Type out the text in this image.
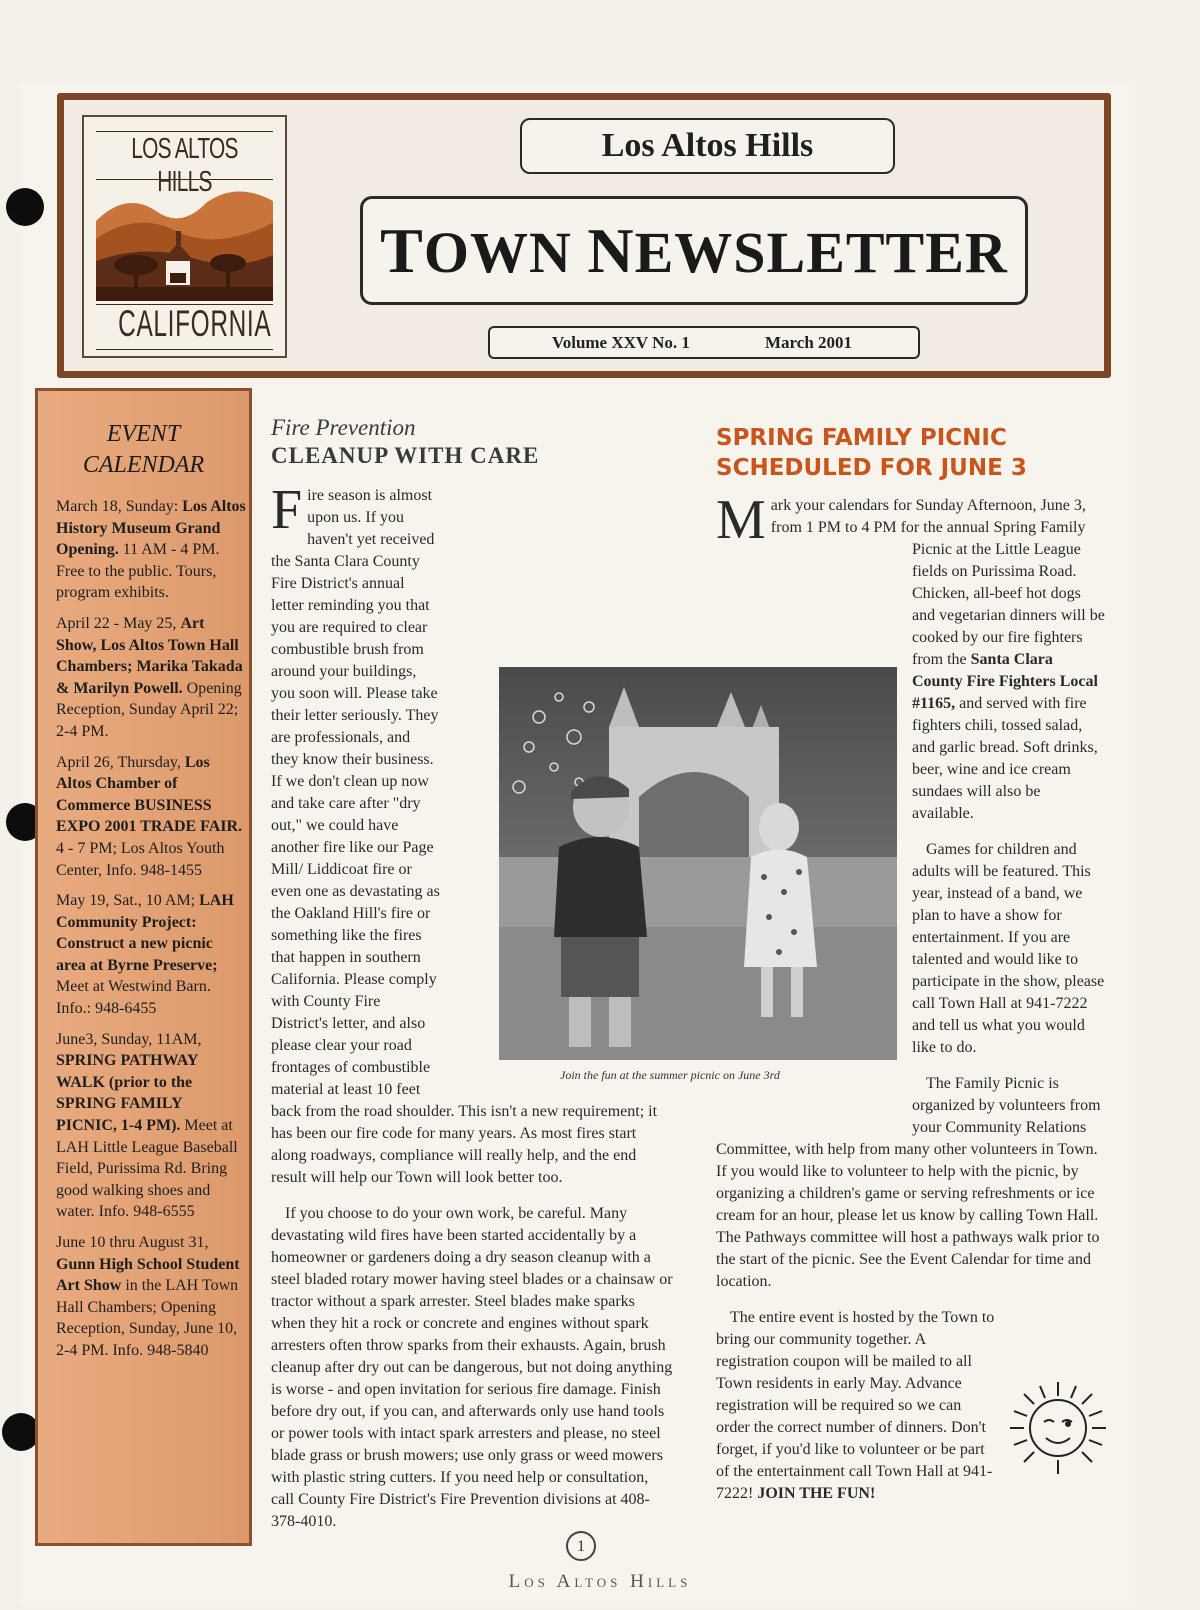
LOS ALTOS HILLS
CALIFORNIA
Los Altos Hills
TOWN NEWSLETTER
Volume XXV No. 1	March 2001
EVENT
CALENDAR
March 18, Sunday: Los Altos History Museum Grand Opening. 11 AM - 4 PM. Free to the public. Tours, program exhibits.
April 22 - May 25, Art Show, Los Altos Town Hall Chambers; Marika Takada & Marilyn Powell. Opening Reception, Sunday April 22; 2-4 PM.
April 26, Thursday, Los Altos Chamber of Commerce BUSINESS EXPO 2001 TRADE FAIR. 4 - 7 PM; Los Altos Youth Center, Info. 948-1455
May 19, Sat., 10 AM; LAH Community Project: Construct a new picnic area at Byrne Preserve; Meet at Westwind Barn. Info.: 948-6455
June3, Sunday, 11AM, SPRING PATHWAY WALK (prior to the SPRING FAMILY PICNIC, 1-4 PM). Meet at LAH Little League Baseball Field, Purissima Rd. Bring good walking shoes and water. Info. 948-6555
June 10 thru August 31, Gunn High School Student Art Show in the LAH Town Hall Chambers; Opening Reception, Sunday, June 10, 2-4 PM. Info. 948-5840

Fire Prevention

CLEANUP WITH CARE

F ire season is almost upon us. If you haven't yet received the Santa Clara County Fire District's annual letter reminding you that you are required to clear combustible brush from around your buildings, you soon will. Please take their letter seriously. They are professionals, and they know their business. If we don't clean up now and take care after "dry out," we could have another fire like our Page Mill/ Liddicoat fire or even one as devastating as the Oakland Hill's fire or something like the fires that happen in southern California. Please comply with County Fire District's letter, and also please clear your road frontages of combustible material at least 10 feet back from the road shoulder. This isn't a new requirement; it has been our fire code for many years. As most fires start along roadways, compliance will really help, and the end result will help our Town will look better too.

If you choose to do your own work, be careful. Many devastating wild fires have been started accidentally by a homeowner or gardeners doing a dry season cleanup with a steel bladed rotary mower having steel blades or a chainsaw or tractor without a spark arrester. Steel blades make sparks when they hit a rock or concrete and engines without spark arresters often throw sparks from their exhausts. Again, brush cleanup after dry out can be dangerous, but not doing anything is worse - and open invitation for serious fire damage. Finish before dry out, if you can, and afterwards only use hand tools or power tools with intact spark arresters and please, no steel blade grass or brush mowers; use only grass or weed mowers with plastic string cutters. If you need help or consultation, call County Fire District's Fire Prevention divisions at 408-378-4010.

SPRING FAMILY PICNIC
SCHEDULED FOR JUNE 3

M ark your calendars for Sunday Afternoon, June 3, from 1 PM to 4 PM for the annual Spring Family Picnic at the Little League fields on Purissima Road. Chicken, all-beef hot dogs and vegetarian dinners will be cooked by our fire fighters from the Santa Clara County Fire Fighters Local #1165, and served with fire fighters chili, tossed salad, and garlic bread. Soft drinks, beer, wine and ice cream sundaes will also be available.

Games for children and adults will be featured. This year, instead of a band, we plan to have a show for entertainment. If you are talented and would like to participate in the show, please call Town Hall at 941-7222 and tell us what you would like to do.

The Family Picnic is organized by volunteers from your Community Relations Committee, with help from many other volunteers in Town. If you would like to volunteer to help with the picnic, by organizing a children's game or serving refreshments or ice cream for an hour, please let us know by calling Town Hall. The Pathways committee will host a pathways walk prior to the start of the picnic. See the Event Calendar for time and location.

The entire event is hosted by the Town to bring our community together. A registration coupon will be mailed to all Town residents in early May. Advance registration will be required so we can order the correct number of dinners. Don't forget, if you'd like to volunteer or be part of the entertainment call Town Hall at 941-7222! JOIN THE FUN!

Join the fun at the summer picnic on June 3rd
1
Los Altos Hills
